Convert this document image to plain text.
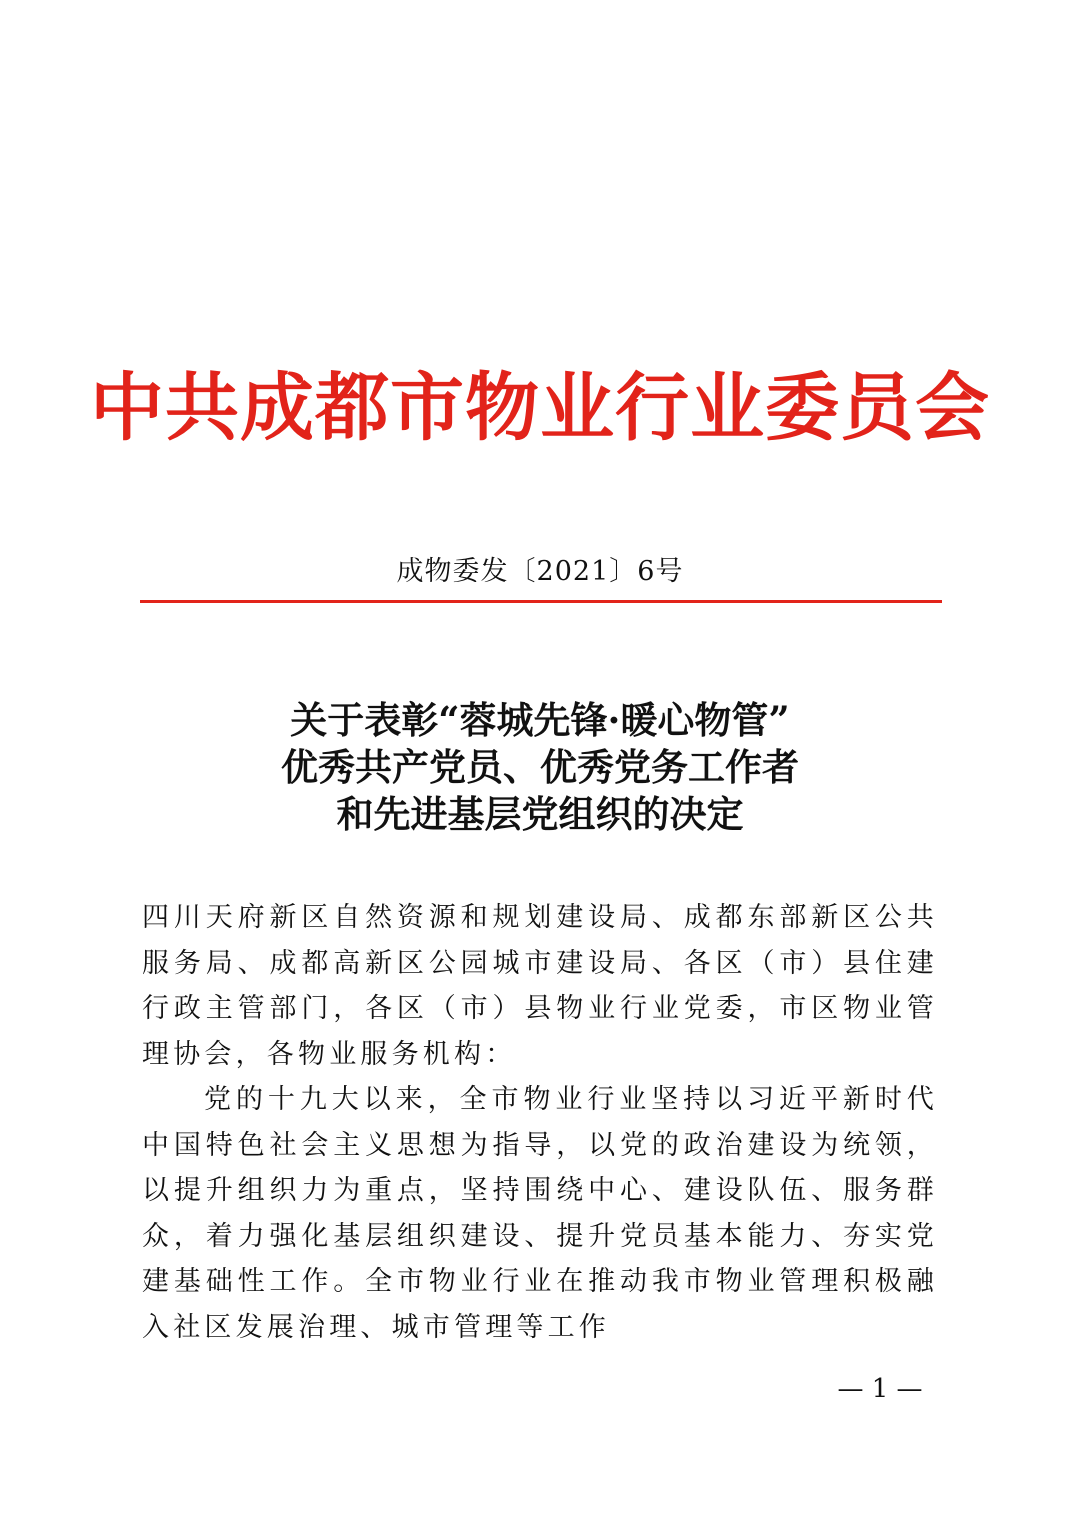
中共成都市物业行业委员会
成物委发〔2021〕6号
关于表彰“蓉城先锋·暖心物管”
优秀共产党员、优秀党务工作者
和先进基层党组织的决定

四川天府新区自然资源和规划建设局、成都东部新区公共服务局、成都高新区公园城市建设局、各区（市）县住建行政主管部门，各区（市）县物业行业党委，市区物业管理协会，各物业服务机构：

党的十九大以来，全市物业行业坚持以习近平新时代中国特色社会主义思想为指导，以党的政治建设为统领，以提升组织力为重点，坚持围绕中心、建设队伍、服务群众，着力强化基层组织建设、提升党员基本能力、夯实党建基础性工作。全市物业行业在推动我市物业管理积极融入社区发展治理、城市管理等工作

— 1 —
